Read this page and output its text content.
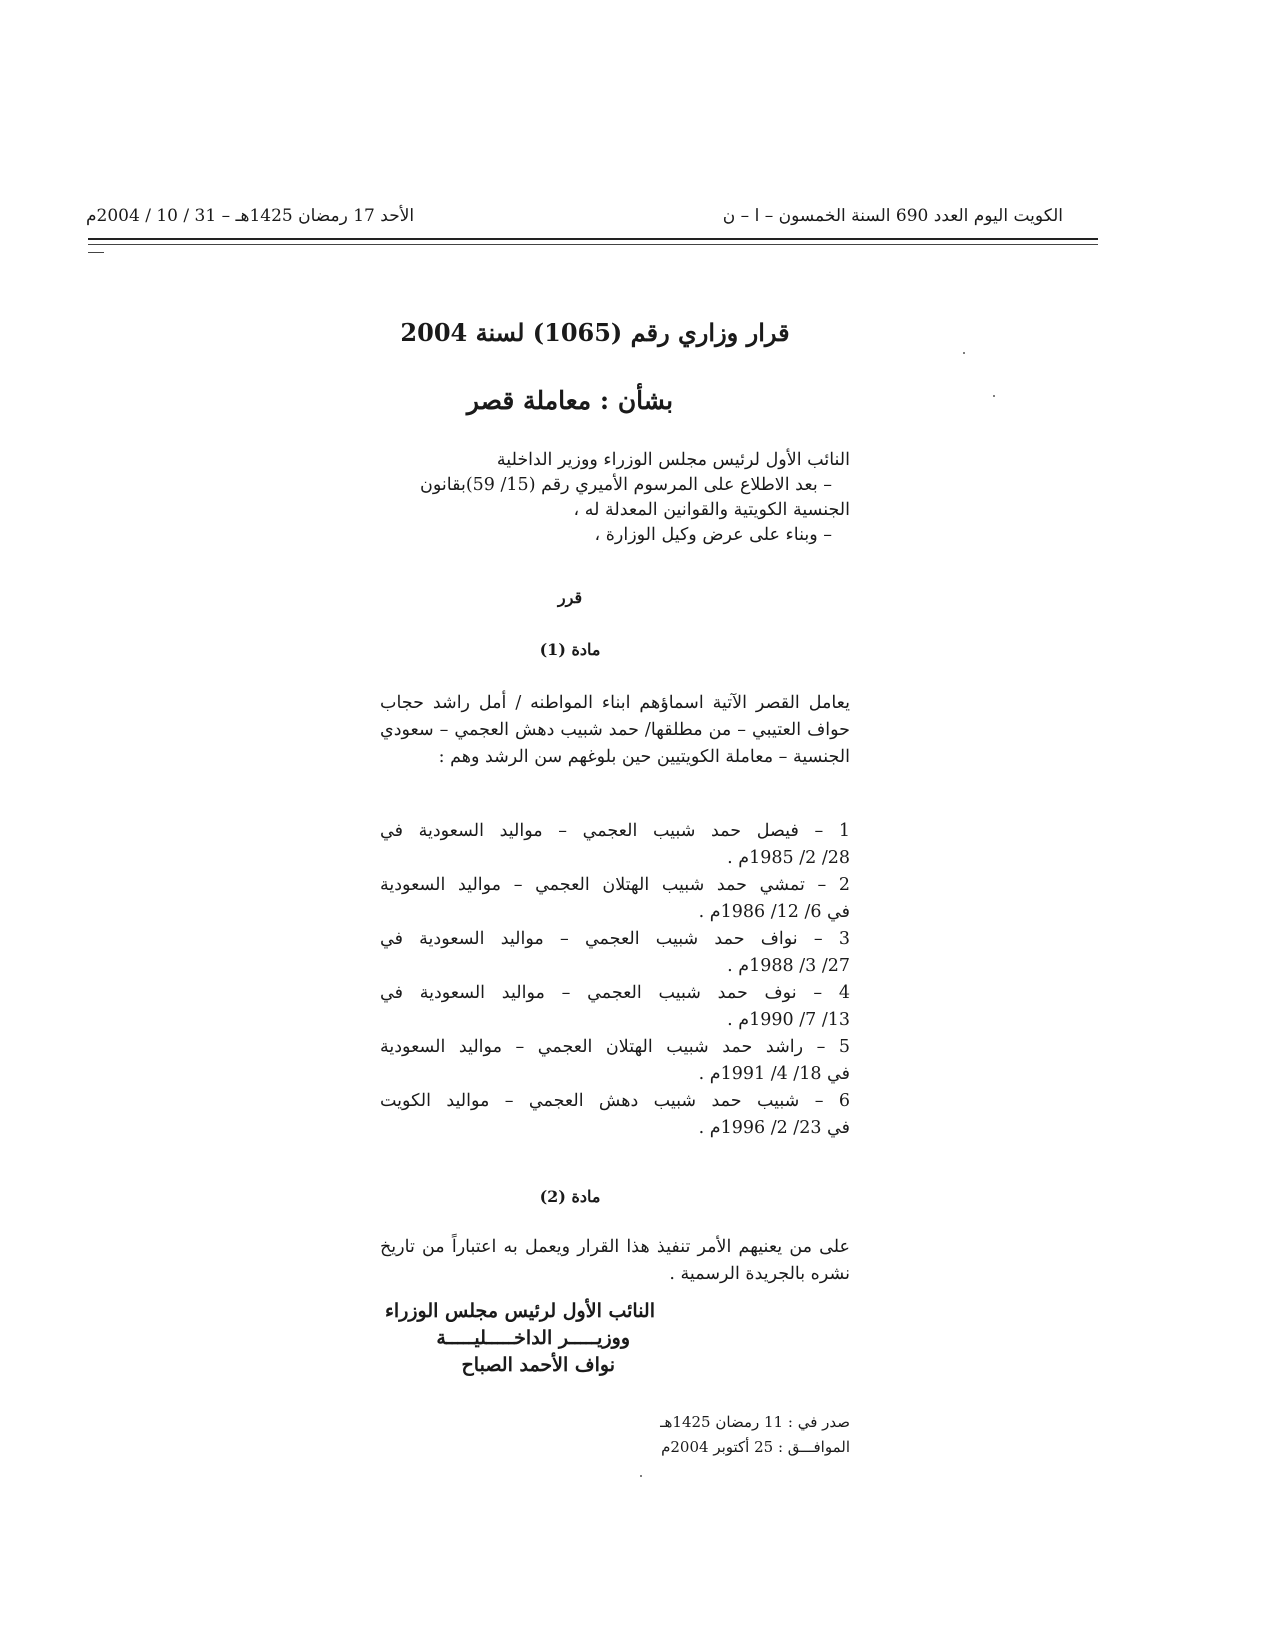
الكويت اليوم العدد 690 السنة الخمسون – ا – ن
الأحد 17 رمضان 1425هـ – 31 / 10 / 2004م
قرار وزاري رقم (1065) لسنة 2004
بشأن : معاملة قصر
النائب الأول لرئيس مجلس الوزراء ووزير الداخلية
– بعد الاطلاع على المرسوم الأميري رقم (15/ 59)بقانون
الجنسية الكويتية والقوانين المعدلة له ،
– وبناء على عرض وكيل الوزارة ،
قرر
مادة (1)
يعامل القصر الآتية اسماؤهم ابناء المواطنه / أمل راشد حجاب حواف العتيبي – من مطلقها/ حمد شبيب دهش العجمي – سعودي الجنسية – معاملة الكويتيين حين بلوغهم سن الرشد وهم :
1 – فيصل حمد شبيب العجمي – مواليد السعودية في
28/ 2/ 1985م .
2 – تمشي حمد شبيب الهتلان العجمي – مواليد السعودية
في 6/ 12/ 1986م .
3 – نواف حمد شبيب العجمي – مواليد السعودية في
27/ 3/ 1988م .
4 – نوف حمد شبيب العجمي – مواليد السعودية في
13/ 7/ 1990م .
5 – راشد حمد شبيب الهتلان العجمي – مواليد السعودية
في 18/ 4/ 1991م .
6 – شبيب حمد شبيب دهش العجمي – مواليد الكويت
في 23/ 2/ 1996م .
مادة (2)
على من يعنيهم الأمر تنفيذ هذا القرار ويعمل به اعتباراً من تاريخ نشره بالجريدة الرسمية .
النائب الأول لرئيس مجلس الوزراء
ووزيـــــر الداخـــــليـــــة
نواف الأحمد الصباح
صدر في : 11 رمضان 1425هـ
الموافـــق : 25 أكتوبر 2004م
